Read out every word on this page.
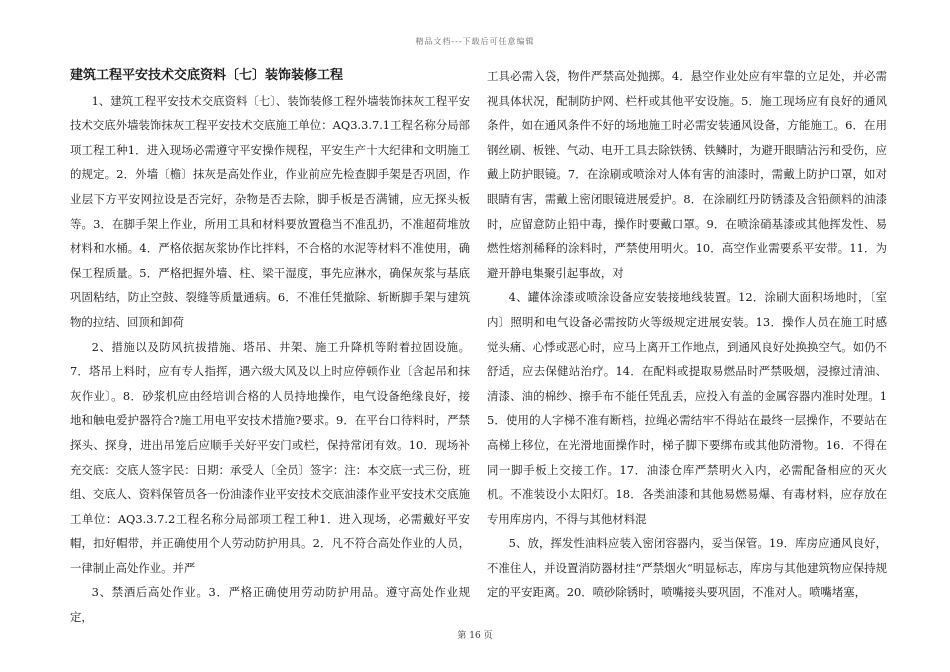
精品文档---下载后可任意编辑
建筑工程平安技术交底资料〔七〕装饰装修工程

1、建筑工程平安技术交底资料〔七〕、装饰装修工程外墙装饰抹灰工程平安技术交底外墙装饰抹灰工程平安技术交底施工单位：AQ3.3.7.1工程名称分局部项工程工种1．进入现场必需遵守平安操作规程，平安生产十大纪律和文明施工的规定。2．外墙〔檐〕抹灰是高处作业，作业前应先检查脚手架是否巩固，作业层下方平安网拉设是否完好，杂物是否去除，脚手板是否满铺，应无探头板等。3．在脚手架上作业，所用工具和材料要放置稳当不准乱扔，不准超荷堆放材料和水桶。4．严格依据灰浆协作比拌料，不合格的水泥等材料不准使用，确保工程质量。5．严格把握外墙、柱、梁干湿度，事先应淋水，确保灰浆与基底巩固粘结，防止空鼓、裂缝等质量通病。6．不准任凭撤除、斩断脚手架与建筑物的拉结、回顶和卸荷

2、措施以及防风抗拔措施、塔吊、井架、施工升降机等附着拉固设施。7．塔吊上料时，应有专人指挥，遇六级大风及以上时应停顿作业〔含起吊和抹灰作业〕。8．砂浆机应由经培训合格的人员持地操作，电气设备绝缘良好，接地和触电爱护器符合?施工用电平安技术措施?要求。9．在平台口待料时，严禁探头、探身，进出吊笼后应顺手关好平安门或栏，保持常闭有效。10．现场补充交底：交底人签字民：日期：承受人〔全员〕签字：注：本交底一式三份，班组、交底人、资料保管员各一份油漆作业平安技术交底油漆作业平安技术交底施工单位：AQ3.3.7.2工程名称分局部项工程工种1．进入现场，必需戴好平安帽，扣好帽带，并正确使用个人劳动防护用具。2．凡不符合高处作业的人员，一律制止高处作业。并严

3、禁酒后高处作业。3．严格正确使用劳动防护用品。遵守高处作业规定，

工具必需入袋，物件严禁高处抛掷。4．悬空作业处应有牢靠的立足处，并必需视具体状况，配制防护网、栏杆或其他平安设施。5．施工现场应有良好的通风条件，如在通风条件不好的场地施工时必需安装通风设备，方能施工。6．在用钢丝刷、板锉、气动、电开工具去除铁锈、铁鳞时，为避开眼睛沾污和受伤，应戴上防护眼镜。7．在涂刷或喷涂对人体有害的油漆时，需戴上防护口罩，如对眼睛有害，需戴上密闭眼镜进展爱护。8．在涂刷红丹防锈漆及含铅颜料的油漆时，应留意防止铅中毒，操作时要戴口罩。9．在喷涂硝基漆或其他挥发性、易燃性熔剂稀释的涂料时，严禁使用明火。10．高空作业需要系平安带。11．为避开静电集聚引起事故，对

4、罐体涂漆或喷涂设备应安装接地线装置。12．涂刷大面积场地时，〔室内〕照明和电气设备必需按防火等级规定进展安装。13．操作人员在施工时感觉头痛、心悸或恶心时，应马上离开工作地点，到通风良好处换换空气。如仍不舒适，应去保健站治疗。14．在配料或提取易燃品时严禁吸烟，浸擦过清油、清漆、油的棉纱、擦手布不能任凭乱丢，应投入有盖的金属容器内准时处理。15．使用的人字梯不准有断档，拉绳必需结牢不得站在最终一层操作，不要站在高梯上移位，在光滑地面操作时，梯子脚下要绑布或其他防滑物。16．不得在同一脚手板上交接工作。17．油漆仓库严禁明火入内，必需配备相应的灭火机。不准装设小太阳灯。18．各类油漆和其他易燃易爆、有毒材料，应存放在专用库房内，不得与其他材料混

5、放，挥发性油料应装入密闭容器内，妥当保管。19．库房应通风良好，不准住人，并设置消防器材挂“严禁烟火“明显标志，库房与其他建筑物应保持规定的平安距离。20．喷砂除锈时，喷嘴接头要巩固，不准对人。喷嘴堵塞，

第 16 页
